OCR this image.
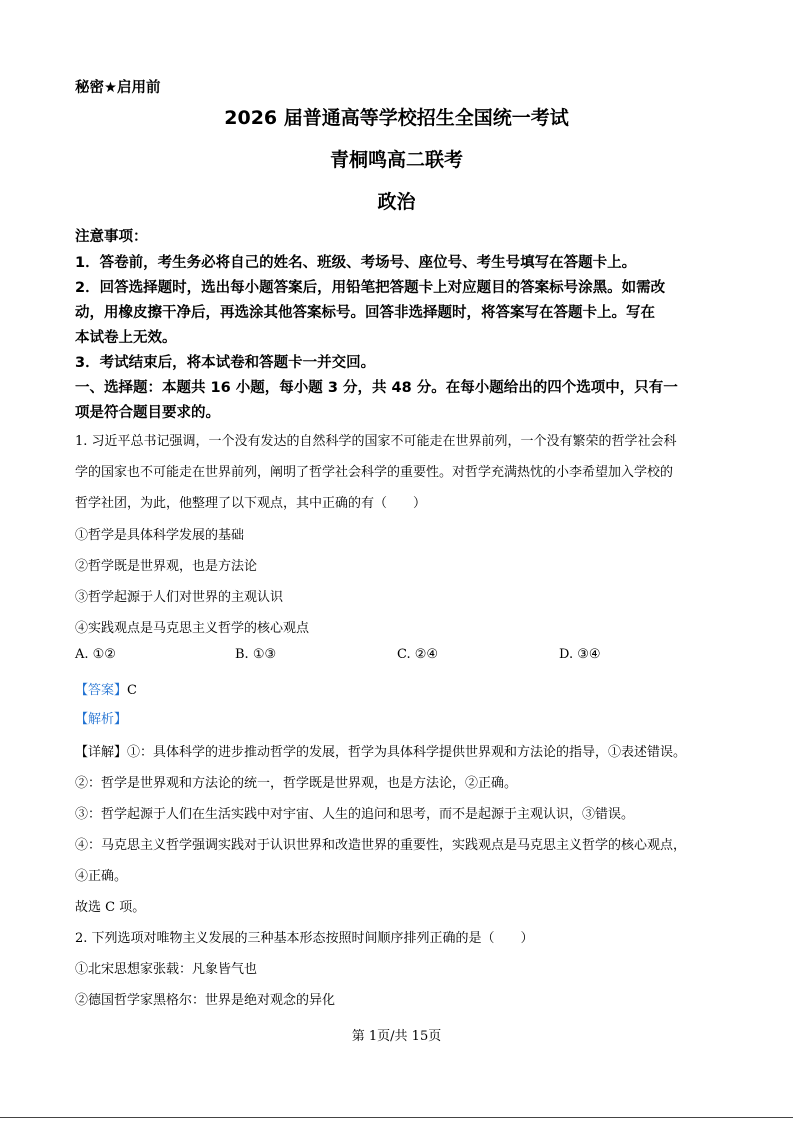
秘密★启用前
2026 届普通高等学校招生全国统一考试
青桐鸣高二联考
政治
注意事项：
1．答卷前，考生务必将自己的姓名、班级、考场号、座位号、考生号填写在答题卡上。
2．回答选择题时，选出每小题答案后，用铅笔把答题卡上对应题目的答案标号涂黑。如需改
动，用橡皮擦干净后，再选涂其他答案标号。回答非选择题时，将答案写在答题卡上。写在
本试卷上无效。
3．考试结束后，将本试卷和答题卡一并交回。
一、选择题：本题共 16 小题，每小题 3 分，共 48 分。在每小题给出的四个选项中，只有一
项是符合题目要求的。
1. 习近平总书记强调，一个没有发达的自然科学的国家不可能走在世界前列，一个没有繁荣的哲学社会科
学的国家也不可能走在世界前列，阐明了哲学社会科学的重要性。对哲学充满热忱的小李希望加入学校的
哲学社团，为此，他整理了以下观点，其中正确的有（　　）
①哲学是具体科学发展的基础
②哲学既是世界观，也是方法论
③哲学起源于人们对世界的主观认识
④实践观点是马克思主义哲学的核心观点
A. ①②	B. ①③	C. ②④	D. ③④
【答案】C
【解析】
【详解】①：具体科学的进步推动哲学的发展，哲学为具体科学提供世界观和方法论的指导，①表述错误。
②：哲学是世界观和方法论的统一，哲学既是世界观，也是方法论，②正确。
③：哲学起源于人们在生活实践中对宇宙、人生的追问和思考，而不是起源于主观认识，③错误。
④：马克思主义哲学强调实践对于认识世界和改造世界的重要性，实践观点是马克思主义哲学的核心观点，
④正确。
故选 C 项。
2. 下列选项对唯物主义发展的三种基本形态按照时间顺序排列正确的是（　　）
①北宋思想家张载：凡象皆气也
②德国哲学家黑格尔：世界是绝对观念的异化
第 1页/共 15页
